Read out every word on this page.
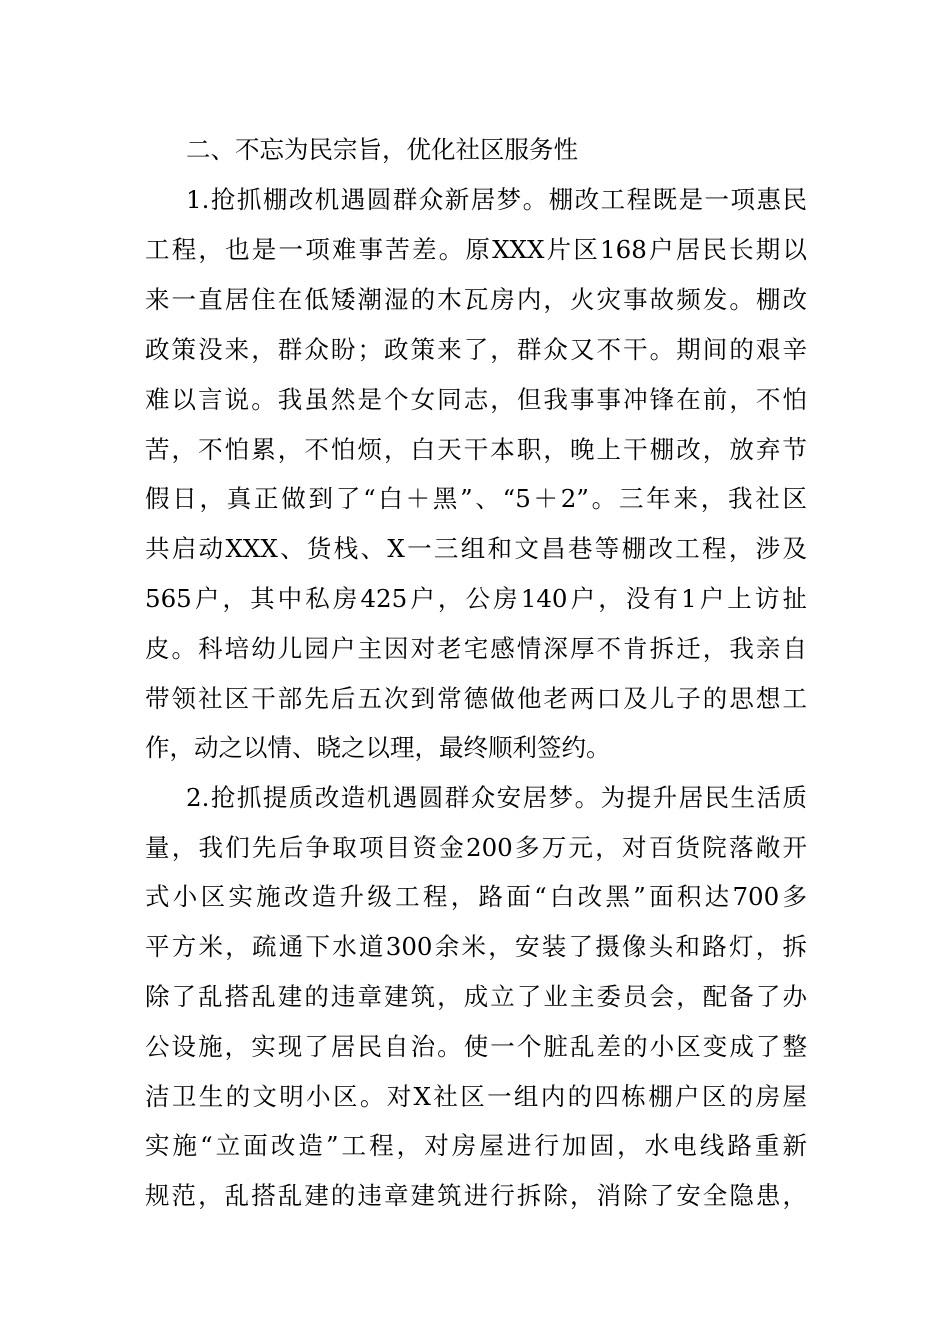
二、不忘为民宗旨，优化社区服务性
1.抢抓棚改机遇圆群众新居梦。棚改工程既是一项惠民
工程，也是一项难事苦差。原XXX片区168户居民长期以
来一直居住在低矮潮湿的木瓦房内，火灾事故频发。棚改
政策没来，群众盼；政策来了，群众又不干。期间的艰辛
难以言说。我虽然是个女同志，但我事事冲锋在前，不怕
苦，不怕累，不怕烦，白天干本职，晚上干棚改，放弃节
假日，真正做到了“白＋黑”、“5＋2”。三年来，我社区
共启动XXX、货栈、X一三组和文昌巷等棚改工程，涉及
565户，其中私房425户，公房140户，没有1户上访扯
皮。科培幼儿园户主因对老宅感情深厚不肯拆迁，我亲自
带领社区干部先后五次到常德做他老两口及儿子的思想工
作，动之以情、晓之以理，最终顺利签约。
2.抢抓提质改造机遇圆群众安居梦。为提升居民生活质
量，我们先后争取项目资金200多万元，对百货院落敞开
式小区实施改造升级工程，路面“白改黑”面积达700多
平方米，疏通下水道300余米，安装了摄像头和路灯，拆
除了乱搭乱建的违章建筑，成立了业主委员会，配备了办
公设施，实现了居民自治。使一个脏乱差的小区变成了整
洁卫生的文明小区。对X社区一组内的四栋棚户区的房屋
实施“立面改造”工程，对房屋进行加固，水电线路重新
规范，乱搭乱建的违章建筑进行拆除，消除了安全隐患，
